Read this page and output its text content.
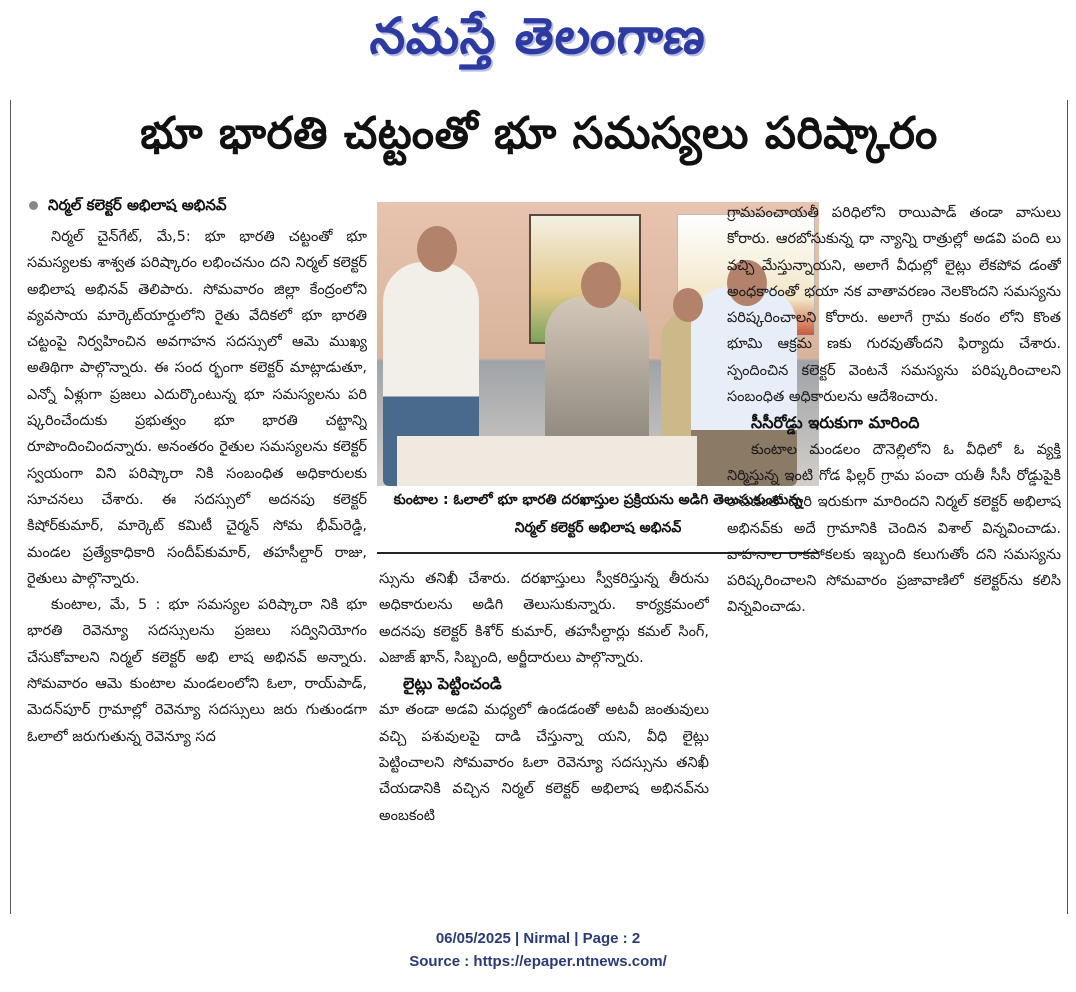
నమస్తే తెలంగాణ
భూ భారతి చట్టంతో భూ సమస్యలు పరిష్కారం
నిర్మల్ కలెక్టర్ అభిలాష అభినవ్

నిర్మల్ చైన్‌గేట్, మే,5: భూ భారతి చట్టంతో భూ సమస్యలకు శాశ్వత పరిష్కారం లభించనుం దని నిర్మల్ కలెక్టర్ అభిలాష అభినవ్ తెలిపారు. సోమవారం జిల్లా కేంద్రంలోని వ్యవసాయ మార్కెట్‌యార్డులోని రైతు వేదికలో భూ భారతి చట్టంపై నిర్వహించిన అవగాహన సదస్సులో ఆమె ముఖ్య అతిథిగా పాల్గొన్నారు. ఈ సంద ర్భంగా కలెక్టర్ మాట్లాడుతూ, ఎన్నో ఏళ్లుగా ప్రజలు ఎదుర్కొంటున్న భూ సమస్యలను పరి ష్కరించేందుకు ప్రభుత్వం భూ భారతి చట్టాన్ని రూపొందించిందన్నారు. అనంతరం రైతుల సమస్యలను కలెక్టర్ స్వయంగా విని పరిష్కారా నికి సంబంధిత అధికారులకు సూచనలు చేశారు. ఈ సదస్సులో అదనపు కలెక్టర్ కిషోర్‌కుమార్, మార్కెట్ కమిటీ చైర్మన్ సోమ భీమ్‌రెడ్డి, మండల ప్రత్యేకాధికారి సందీప్‌కుమార్, తహసీల్దార్ రాజు, రైతులు పాల్గొన్నారు.

కుంటాల, మే, 5 : భూ సమస్యల పరిష్కారా నికి భూ భారతి రెవెన్యూ సదస్సులను ప్రజలు సద్వినియోగం చేసుకోవాలని నిర్మల్ కలెక్టర్ అభి లాష అభినవ్ అన్నారు. సోమవారం ఆమె కుంటాల మండలంలోని ఓలా, రాయ్‌పాడ్, మెదన్‌పూర్ గ్రామాల్లో రెవెన్యూ సదస్సులు జరు గుతుండగా ఓలాలో జరుగుతున్న రెవెన్యూ సద

కుంటాల : ఓలాలో భూ భారతి దరఖాస్తుల ప్రక్రియను అడిగి తెలుసుకుంటున్న నిర్మల్ కలెక్టర్ అభిలాష అభినవ్

స్సును తనిఖీ చేశారు. దరఖాస్తులు స్వీకరిస్తున్న తీరును అధికారులను అడిగి తెలుసుకున్నారు. కార్యక్రమంలో అదనపు కలెక్టర్ కిశోర్ కుమార్, తహసీల్దార్లు కమల్ సింగ్, ఎజాజ్ ఖాన్, సిబ్బంది, అర్జీదారులు పాల్గొన్నారు.

లైట్లు పెట్టించండి

మా తండా అడవి మధ్యలో ఉండడంతో అటవీ జంతువులు వచ్చి పశువులపై దాడి చేస్తున్నా యని, వీధి లైట్లు పెట్టించాలని సోమవారం ఓలా రెవెన్యూ సదస్సును తనిఖీ చేయడానికి వచ్చిన నిర్మల్ కలెక్టర్ అభిలాష అభినవ్‌ను అంబకంటి

గ్రామపంచాయతీ పరిధిలోని రాయిపాడ్ తండా వాసులు కోరారు. ఆరబోసుకున్న ధా న్యాన్ని రాత్రుల్లో అడవి పంది లు వచ్చి మేస్తున్నాయని, అలాగే వీధుల్లో లైట్లు లేకపోవ డంతో అంధకారంతో భయా నక వాతావరణం నెలకొందని సమస్యను పరిష్కరించాలని కోరారు. అలాగే గ్రామ కంఠం లోని కొంత భూమి ఆక్రమ ణకు గురవుతోందని ఫిర్యాదు చేశారు. స్పందించిన కలెక్టర్ వెంటనే సమస్యను పరిష్కరించాలని సంబంధిత అధికారులను ఆదేశించారు.

సీసీరోడ్డు ఇరుకుగా మారింది

కుంటాల మండలం దౌనెల్లిలోని ఓ వీధిలో ఓ వ్యక్తి నిర్మిస్తున్న ఇంటి గోడ ఫిల్లర్ గ్రామ పంచా యతీ సీసీ రోడ్డుపైకి రావడంతో దారి ఇరుకుగా మారిందని నిర్మల్ కలెక్టర్ అభిలాష అభినవ్‌కు అదే గ్రామానికి చెందిన విశాల్ విన్నవించాడు. వాహనాల రాకపోకలకు ఇబ్బంది కలుగుతోం దని సమస్యను పరిష్కరించాలని సోమవారం ప్రజావాణిలో కలెక్టర్‌ను కలిసి విన్నవించాడు.

06/05/2025 | Nirmal | Page : 2
Source : https://epaper.ntnews.com/
